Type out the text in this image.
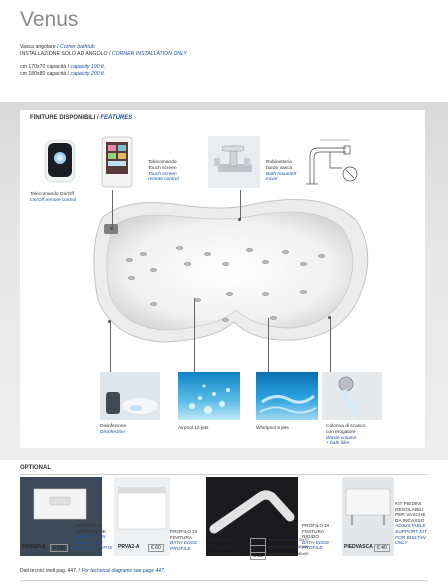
Venus
Vasca angolare / Corner bathtub
INSTALLAZIONE SOLO AD ANGOLO / CORNER INSTALLATION ONLY
cm 170x70 capacità / capacity 190 lt.
cm 180x80 capacità / capacity 200 lt.
FINITURE DISPONIBILI / FEATURES
Telecomando On/Off
On/Off remote control
Telecomando
Touch screen
Touch screen
remote control
Rubinetteria
bordo vasca
Bath-mounted
mixer
Disinfezione
Disinfection
Airpool 12 jets	Whirlpool 6 jets	Colonna di scarico
con erogatore
Waste column
+ bath filler
OPTIONAL
PANISP-A	€ 110
PANNELLO
D'ISPEZIONE
INSPECTION
PANEL FOR
BUILT-IN BATHS PRVA2-A	€ 60
PROFILO DI
FINITURA
BATH EDGE
PROFILE
PRV185-30	€ 55	installazione cm 170x70
PRV18585-30	€ 70	installazione cm 180x80
PRV818585-30	€ 65	installazione cm 180x80
PROFILO DI
FINITURA
RIGIDO
BATH EDGE
PROFILE	PIEDVASCA € 40
KIT PIEDINI
REGOLABILI
PER VASCHE
DA INCASSO
ADJUSTABLE
SUPPORT KIT
FOR BUILT-IN
ONLY
Dati tecnici vedi pag. 447. / For technical diagrams see page 447.
